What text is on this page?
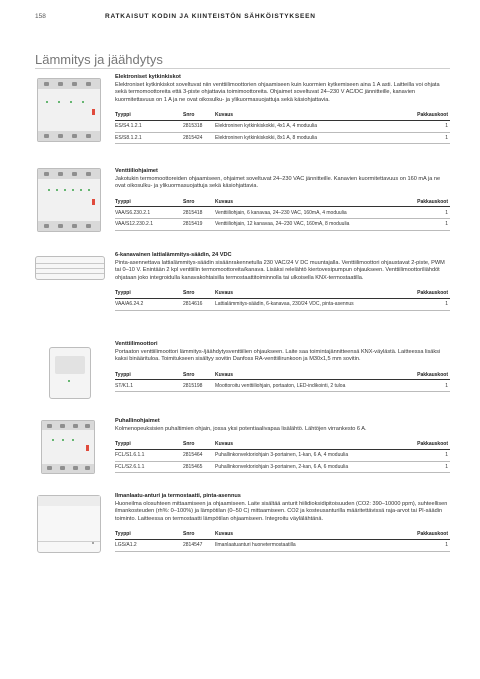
158	RATKAISUT KODIN JA KIINTEISTÖN SÄHKÖISTYKSEEN
Lämmitys ja jäähdytys
Elektroniset kytkinkiskot
Elektroniset kytkinkiskot soveltuvat niin venttiilimoottorien ohjaamiseen kuin kuormien kytkemiseen aina 1 A asti. Laitteilla voi ohjata sekä termomoottoreita että 3-piste ohjattavia toimimoottoreita. Ohjaimet soveltuvat 24–230 V AC/DC jännitteille, kanavien kuormitettavuus on 1 A ja ne ovat oikosulku- ja ylikuormasuojattuja sekä käsiohjattavia.
Tyyppi	Snro	Kuvaus	Pakkauskoot
ES/S4.1.2.1	2815318	Elektroninen kytkinkiskokki, 4x1 A, 4 moduulia	1
ES/S8.1.2.1	2815424	Elektroninen kytkinkiskokki, 8x1 A, 8 moduulia	1
Venttiiliohjaimet
Jakotukin termomoottoreiden ohjaamiseen, ohjaimet soveltuvat 24–230 VAC jännitteille. Kanavien kuormitettavuus on 160 mA ja ne ovat oikosulku- ja ylikuormasuojattuja sekä käsiohjattavia.
Tyyppi	Snro	Kuvaus	Pakkauskoot
VAA/S6.230.2.1	2815418	Venttiiliohjain, 6 kanavaa, 24–230 VAC, 160mA, 4 moduulia	1
VAA/S12.230.2.1	2815419	Venttiiliohjain, 12 kanavaa, 24–230 VAC, 160mA, 8 moduulia	1
6-kanavainen lattialämmitys-säädin, 24 VDC
Pinta-asennettava lattialämmitys-säädin sisäänrakennetulla 230 VAC/24 V DC muuntajalla. Venttiilimoottori ohjaustavat 2-piste, PWM tai 0–10 V. Enintään 2 kpl venttiilin termomoottoreita/kanava. Lisäksi relelähtö kiertovesipumpun ohjaukseen. Venttiilimoottoriliähdöt ohjataan joko integroidulla kanavakohtaisilla termostaattitoiminnolla tai ulkoisella KNX-termostaatilla.
Tyyppi	Snro	Kuvaus	Pakkauskoot
VAA/A6.24.2	2814616	Lattialämmitys-säädin, 6-kanavaa, 230/24 VDC, pinta-asennus	1
Venttiilimoottori
Portaaton venttiilimoottori lämmitys-/jäähdytysventtiilien ohjaukseen. Laite saa toimintajännitteensä KNX-väylästä. Laitteessa lisäksi kaksi binäärituloa. Toimitukseen sisältyy sovitin Danfoss RA-venttiilirunkoon ja M30x1,5 mm sovitin.
Tyyppi	Snro	Kuvaus	Pakkauskoot
ST/K1.1	2815198	Moottoroitu venttiiliohjain, portaaton, LED-indikointi, 2 tuloa	1
Puhallinohjaimet
Kolmenopeuksisien puhaltimien ohjain, jossa yksi potentiaalivapaa lisälähtö. Lähtöjen virrankesto 6 A.
Tyyppi	Snro	Kuvaus	Pakkauskoot
FCL/S1.6.1.1	2815464	Puhallinkonvektoriohjain 3-portainen, 1-kan, 6 A, 4 moduulia	1
FCL/S2.6.1.1	2815465	Puhallinkonvektoriohjain 3-portainen, 2-kan, 6 A, 6 moduulia	1
Ilmanlaatu-anturi ja termostaatti, pinta-asennus
Huoneilma olosuhteen mittaamiseen ja ohjaamiseen. Laite sisältää anturit hiilidioksidipitoisuuden (CO2: 390–10000 ppm), suhteellisen ilmankosteuden (rh%: 0–100%) ja lämpötilan (0–50 C) mittaamiseen. CO2 ja kosteusanturilla määritettävissä raja-arvot tai PI-säädin toiminto. Laitteessa on termostaatti lämpötilan ohjaamiseen. Integroitu väylälähtänä.
Tyyppi	Snro	Kuvaus	Pakkauskoot
LGS/A1.2	2814547	Ilmanlaatuanturi huonetermostaatilla	1
